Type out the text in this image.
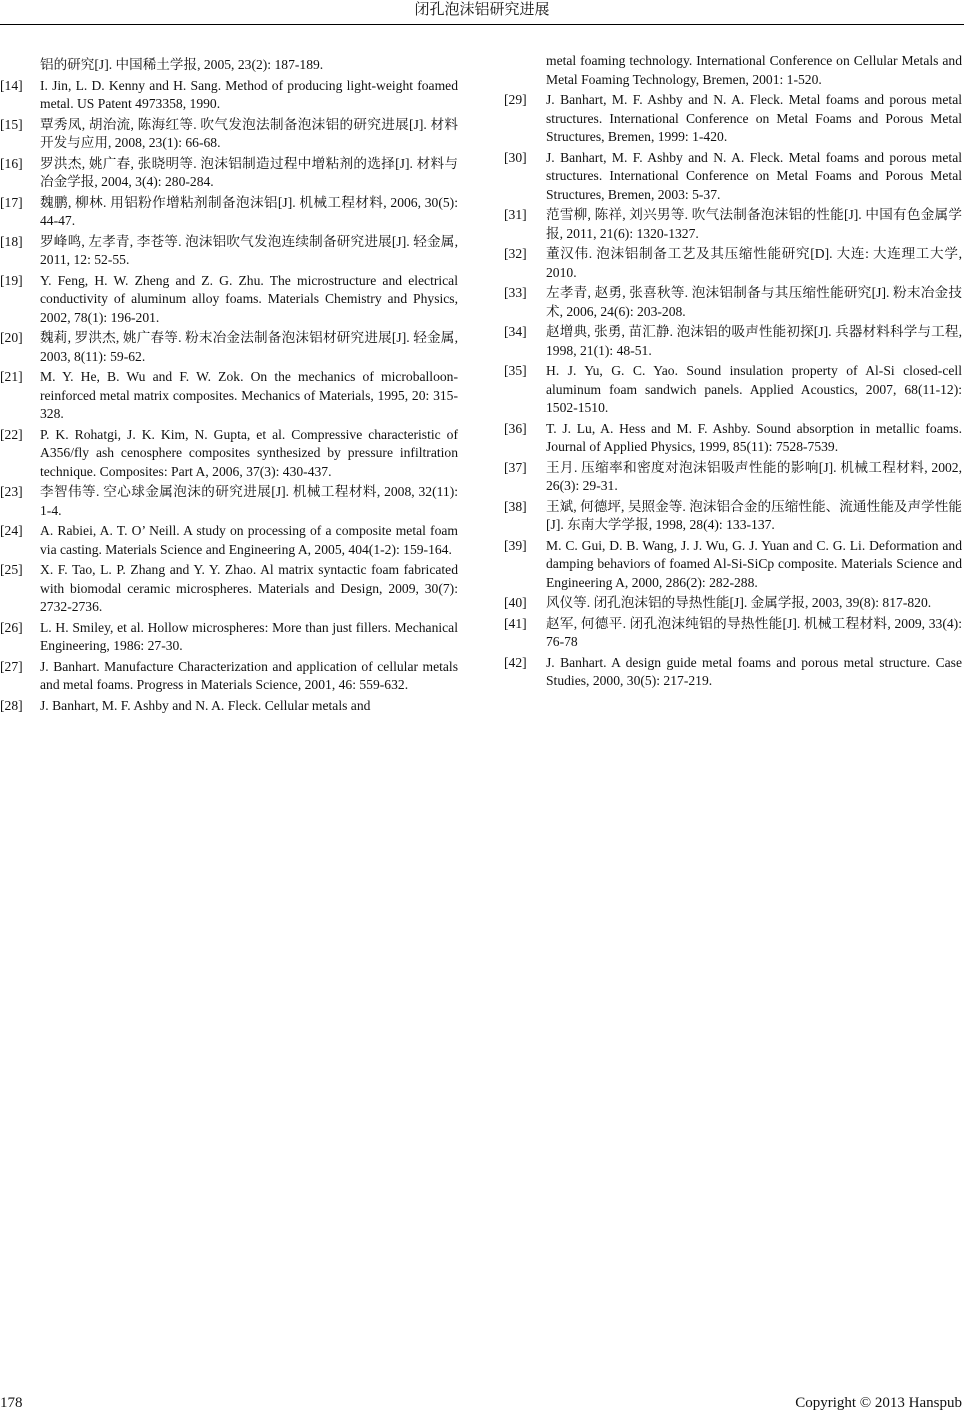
闭孔泡沫铝研究进展
铝的研究[J]. 中国稀土学报, 2005, 23(2): 187-189.
[14]	I. Jin, L. D. Kenny and H. Sang. Method of producing light-weight foamed metal. US Patent 4973358, 1990.
[15]	覃秀凤, 胡治流, 陈海红等. 吹气发泡法制备泡沫铝的研究进展[J]. 材料开发与应用, 2008, 23(1): 66-68.
[16]	罗洪杰, 姚广春, 张晓明等. 泡沫铝制造过程中增粘剂的选择[J]. 材料与冶金学报, 2004, 3(4): 280-284.
[17]	魏鹏, 柳林. 用铝粉作增粘剂制备泡沫铝[J]. 机械工程材料, 2006, 30(5): 44-47.
[18]	罗峰鸣, 左孝青, 李苍等. 泡沫铝吹气发泡连续制备研究进展[J]. 轻金属, 2011, 12: 52-55.
[19]	Y. Feng, H. W. Zheng and Z. G. Zhu. The microstructure and electrical conductivity of aluminum alloy foams. Materials Chemistry and Physics, 2002, 78(1): 196-201.
[20]	魏莉, 罗洪杰, 姚广春等. 粉末冶金法制备泡沫铝材研究进展[J]. 轻金属, 2003, 8(11): 59-62.
[21]	M. Y. He, B. Wu and F. W. Zok. On the mechanics of microballoon-reinforced metal matrix composites. Mechanics of Materials, 1995, 20: 315-328.
[22]	P. K. Rohatgi, J. K. Kim, N. Gupta, et al. Compressive characteristic of A356/fly ash cenosphere composites synthesized by pressure infiltration technique. Composites: Part A, 2006, 37(3): 430-437.
[23]	李智伟等. 空心球金属泡沫的研究进展[J]. 机械工程材料, 2008, 32(11): 1-4.
[24]	A. Rabiei, A. T. O’ Neill. A study on processing of a composite metal foam via casting. Materials Science and Engineering A, 2005, 404(1-2): 159-164.
[25]	X. F. Tao, L. P. Zhang and Y. Y. Zhao. Al matrix syntactic foam fabricated with biomodal ceramic microspheres. Materials and Design, 2009, 30(7): 2732-2736.
[26]	L. H. Smiley, et al. Hollow microspheres: More than just fillers. Mechanical Engineering, 1986: 27-30.
[27]	J. Banhart. Manufacture Characterization and application of cellular metals and metal foams. Progress in Materials Science, 2001, 46: 559-632.
[28]	J. Banhart, M. F. Ashby and N. A. Fleck. Cellular metals and
metal foaming technology. International Conference on Cellular Metals and Metal Foaming Technology, Bremen, 2001: 1-520.
[29]	J. Banhart, M. F. Ashby and N. A. Fleck. Metal foams and porous metal structures. International Conference on Metal Foams and Porous Metal Structures, Bremen, 1999: 1-420.
[30]	J. Banhart, M. F. Ashby and N. A. Fleck. Metal foams and porous metal structures. International Conference on Metal Foams and Porous Metal Structures, Bremen, 2003: 5-37.
[31]	范雪柳, 陈祥, 刘兴男等. 吹气法制备泡沫铝的性能[J]. 中国有色金属学报, 2011, 21(6): 1320-1327.
[32]	董汉伟. 泡沫铝制备工艺及其压缩性能研究[D]. 大连: 大连理工大学, 2010.
[33]	左孝青, 赵勇, 张喜秋等. 泡沫铝制备与其压缩性能研究[J]. 粉末冶金技术, 2006, 24(6): 203-208.
[34]	赵增典, 张勇, 苗汇静. 泡沫铝的吸声性能初探[J]. 兵器材料科学与工程, 1998, 21(1): 48-51.
[35]	H. J. Yu, G. C. Yao. Sound insulation property of Al-Si closed-cell aluminum foam sandwich panels. Applied Acoustics, 2007, 68(11-12): 1502-1510.
[36]	T. J. Lu, A. Hess and M. F. Ashby. Sound absorption in metallic foams. Journal of Applied Physics, 1999, 85(11): 7528-7539.
[37]	王月. 压缩率和密度对泡沫铝吸声性能的影响[J]. 机械工程材料, 2002, 26(3): 29-31.
[38]	王斌, 何德坪, 吴照金等. 泡沫铝合金的压缩性能、流通性能及声学性能[J]. 东南大学学报, 1998, 28(4): 133-137.
[39]	M. C. Gui, D. B. Wang, J. J. Wu, G. J. Yuan and C. G. Li. Deformation and damping behaviors of foamed Al-Si-SiCp composite. Materials Science and Engineering A, 2000, 286(2): 282-288.
[40]	风仪等. 闭孔泡沫铝的导热性能[J]. 金属学报, 2003, 39(8): 817-820.
[41]	赵军, 何德平. 闭孔泡沫纯铝的导热性能[J]. 机械工程材料, 2009, 33(4): 76-78
[42]	J. Banhart. A design guide metal foams and porous metal structure. Case Studies, 2000, 30(5): 217-219.
178	Copyright © 2013 Hanspub
